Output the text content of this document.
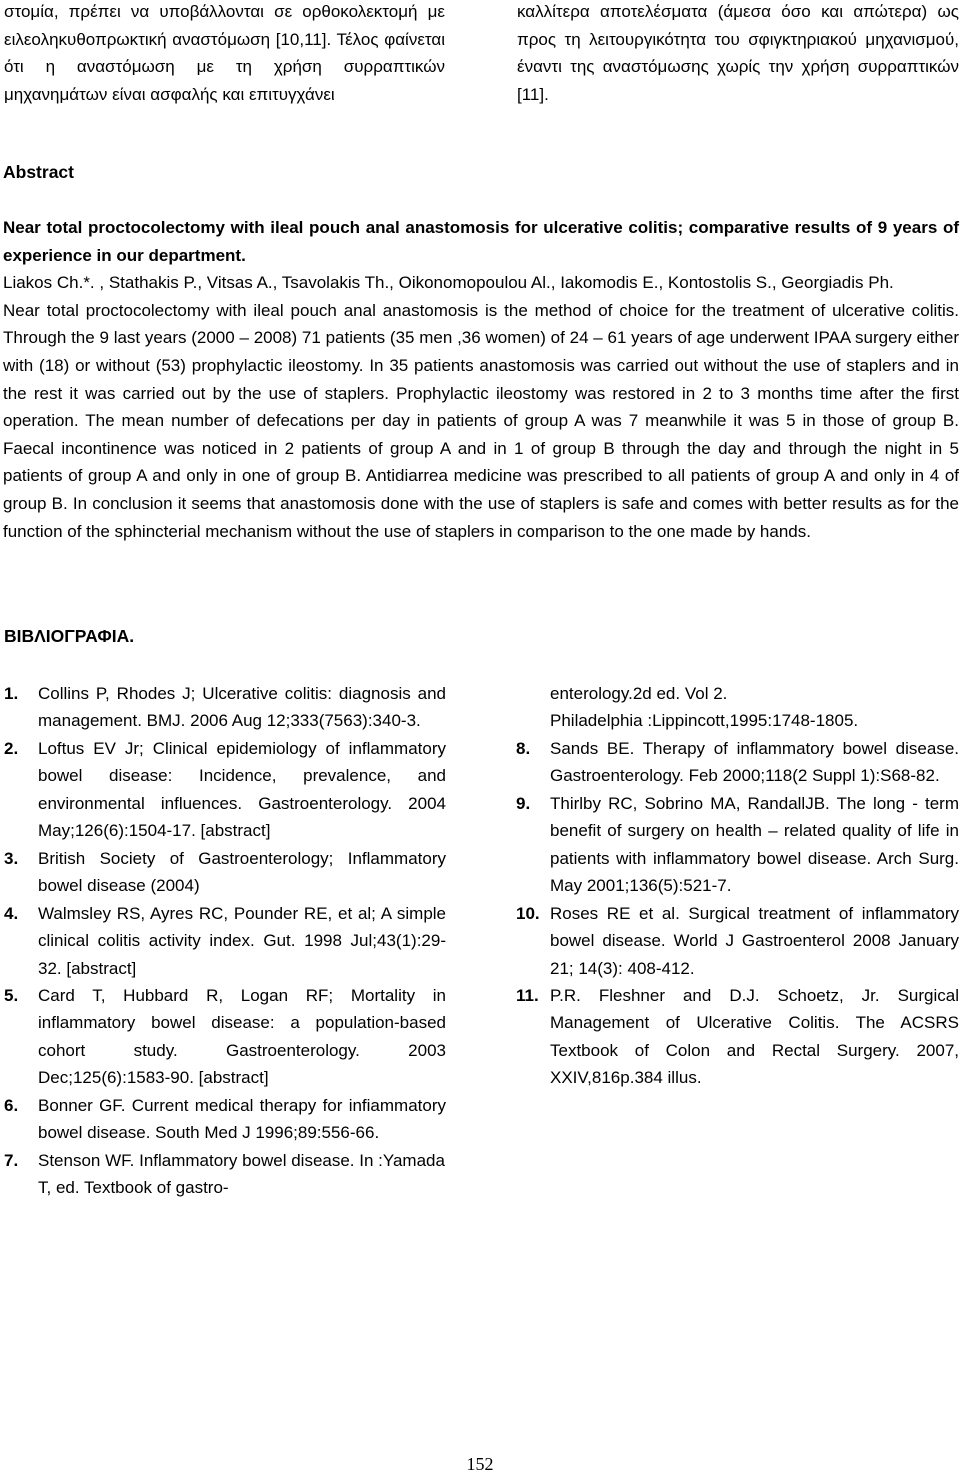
στομία, πρέπει να υποβάλλονται σε ορθοκολεκτομή με ειλεοληκυθοπρωκτική αναστόμωση [10,11]. Τέλος φαίνεται ότι η αναστόμωση με τη χρήση συρραπτικών μηχανημάτων είναι ασφαλής και επιτυγχάνει
καλλίτερα αποτελέσματα (άμεσα όσο και απώτερα) ως προς τη λειτουργικότητα του σφιγκτηριακού μηχανισμού, έναντι της αναστόμωσης χωρίς την χρήση συρραπτικών [11].
Abstract
Near total proctocolectomy with ileal pouch anal anastomosis for ulcerative colitis; comparative results of 9 years of experience in our department.
Liakos Ch.*. , Stathakis P., Vitsas A., Tsavolakis Th., Oikonomopoulou Al., Iakomodis E., Kontostolis S., Georgiadis Ph.
Near total proctocolectomy with ileal pouch anal anastomosis is the method of choice for the treatment of ulcerative colitis. Through the 9 last years (2000 – 2008) 71 patients (35 men ,36 women) of 24 – 61 years of age underwent IPAA surgery either with (18) or without (53) prophylactic ileostomy. In 35 patients anastomosis was carried out without the use of staplers and in the rest it was carried out by the use of staplers. Prophylactic ileostomy was restored in 2 to 3 months time after the first operation. The mean number of defecations per day in patients of group A was 7 meanwhile it was 5 in those of group B. Faecal incontinence was noticed in 2 patients of group A and in 1 of group B through the day and through the night in 5 patients of group A and only in one of group B. Antidiarrea medicine was prescribed to all patients of group A and only in 4 of group B. In conclusion it seems that anastomosis done with the use of staplers is safe and comes with better results as for the function of the sphincterial mechanism without the use of staplers in comparison to the one made by hands.
ΒΙΒΛΙΟΓΡΑΦΙΑ.
1. Collins P, Rhodes J; Ulcerative colitis: diagnosis and management. BMJ. 2006 Aug 12;333(7563):340-3.
2. Loftus EV Jr; Clinical epidemiology of inflammatory bowel disease: Incidence, prevalence, and environmental influences. Gastroenterology. 2004 May;126(6):1504-17. [abstract]
3. British Society of Gastroenterology; Inflammatory bowel disease (2004)
4. Walmsley RS, Ayres RC, Pounder RE, et al; A simple clinical colitis activity index. Gut. 1998 Jul;43(1):29-32. [abstract]
5. Card T, Hubbard R, Logan RF; Mortality in inflammatory bowel disease: a population-based cohort study. Gastroenterology. 2003 Dec;125(6):1583-90. [abstract]
6. Bonner GF. Current medical therapy for infiammatory bowel disease. South Med J 1996;89:556-66.
7. Stenson WF. Inflammatory bowel disease. In :Yamada T, ed. Textbook of gastro-
enterology.2d ed. Vol 2.
Philadelphia :Lippincott,1995:1748-1805.
8. Sands BE. Therapy of inflammatory bowel disease. Gastroenterology. Feb 2000;118(2 Suppl 1):S68-82.
9. Thirlby RC, Sobrino MA, RandallJB. The long - term benefit of surgery on health – related quality of life in patients with inflammatory bowel disease. Arch Surg. May 2001;136(5):521-7.
10. Roses RE et al. Surgical treatment of inflammatory bowel disease. World J Gastroenterol 2008 January 21; 14(3): 408-412.
11. P.R. Fleshner and D.J. Schoetz, Jr. Surgical Management of Ulcerative Colitis. The ACSRS Textbook of Colon and Rectal Surgery. 2007, XXIV,816p.384 illus.
152
